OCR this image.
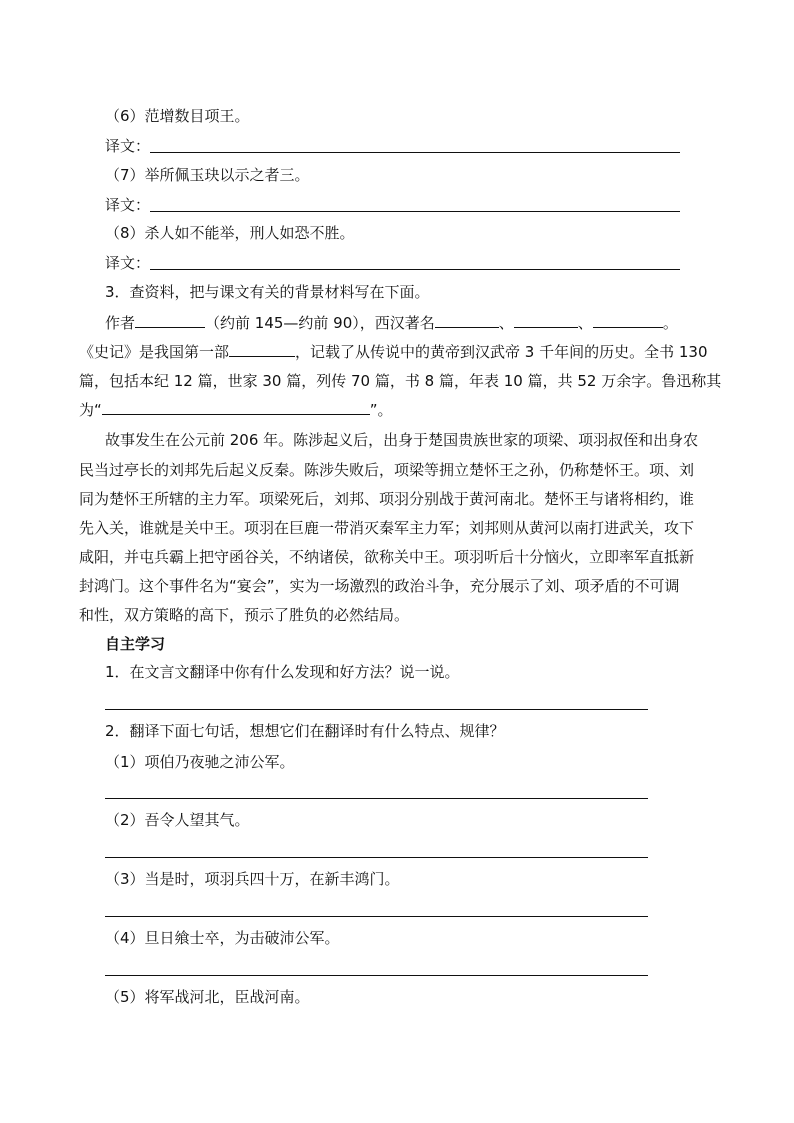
（6）范增数目项王。
译文：
（7）举所佩玉玦以示之者三。
译文：
（8）杀人如不能举，刑人如恐不胜。
译文：
3．查资料，把与课文有关的背景材料写在下面。
作者	（约前 145—约前 90），西汉著名	、	、	。
《史记》是我国第一部	，记载了从传说中的黄帝到汉武帝 3 千年间的历史。全书 130
篇，包括本纪 12 篇，世家 30 篇，列传 70 篇，书 8 篇，年表 10 篇，共 52 万余字。鲁迅称其
为“	”。
故事发生在公元前 206 年。陈涉起义后，出身于楚国贵族世家的项梁、项羽叔侄和出身农
民当过亭长的刘邦先后起义反秦。陈涉失败后，项梁等拥立楚怀王之孙，仍称楚怀王。项、刘
同为楚怀王所辖的主力军。项梁死后，刘邦、项羽分别战于黄河南北。楚怀王与诸将相约，谁
先入关，谁就是关中王。项羽在巨鹿一带消灭秦军主力军；刘邦则从黄河以南打进武关，攻下
咸阳，并屯兵霸上把守函谷关，不纳诸侯，欲称关中王。项羽听后十分恼火，立即率军直抵新
封鸿门。这个事件名为“宴会”，实为一场激烈的政治斗争，充分展示了刘、项矛盾的不可调
和性，双方策略的高下，预示了胜负的必然结局。
自主学习
1．在文言文翻译中你有什么发现和好方法？说一说。
2．翻译下面七句话，想想它们在翻译时有什么特点、规律？
（1）项伯乃夜驰之沛公军。
（2）吾令人望其气。
（3）当是时，项羽兵四十万，在新丰鸿门。
（4）旦日飨士卒，为击破沛公军。
（5）将军战河北，臣战河南。
